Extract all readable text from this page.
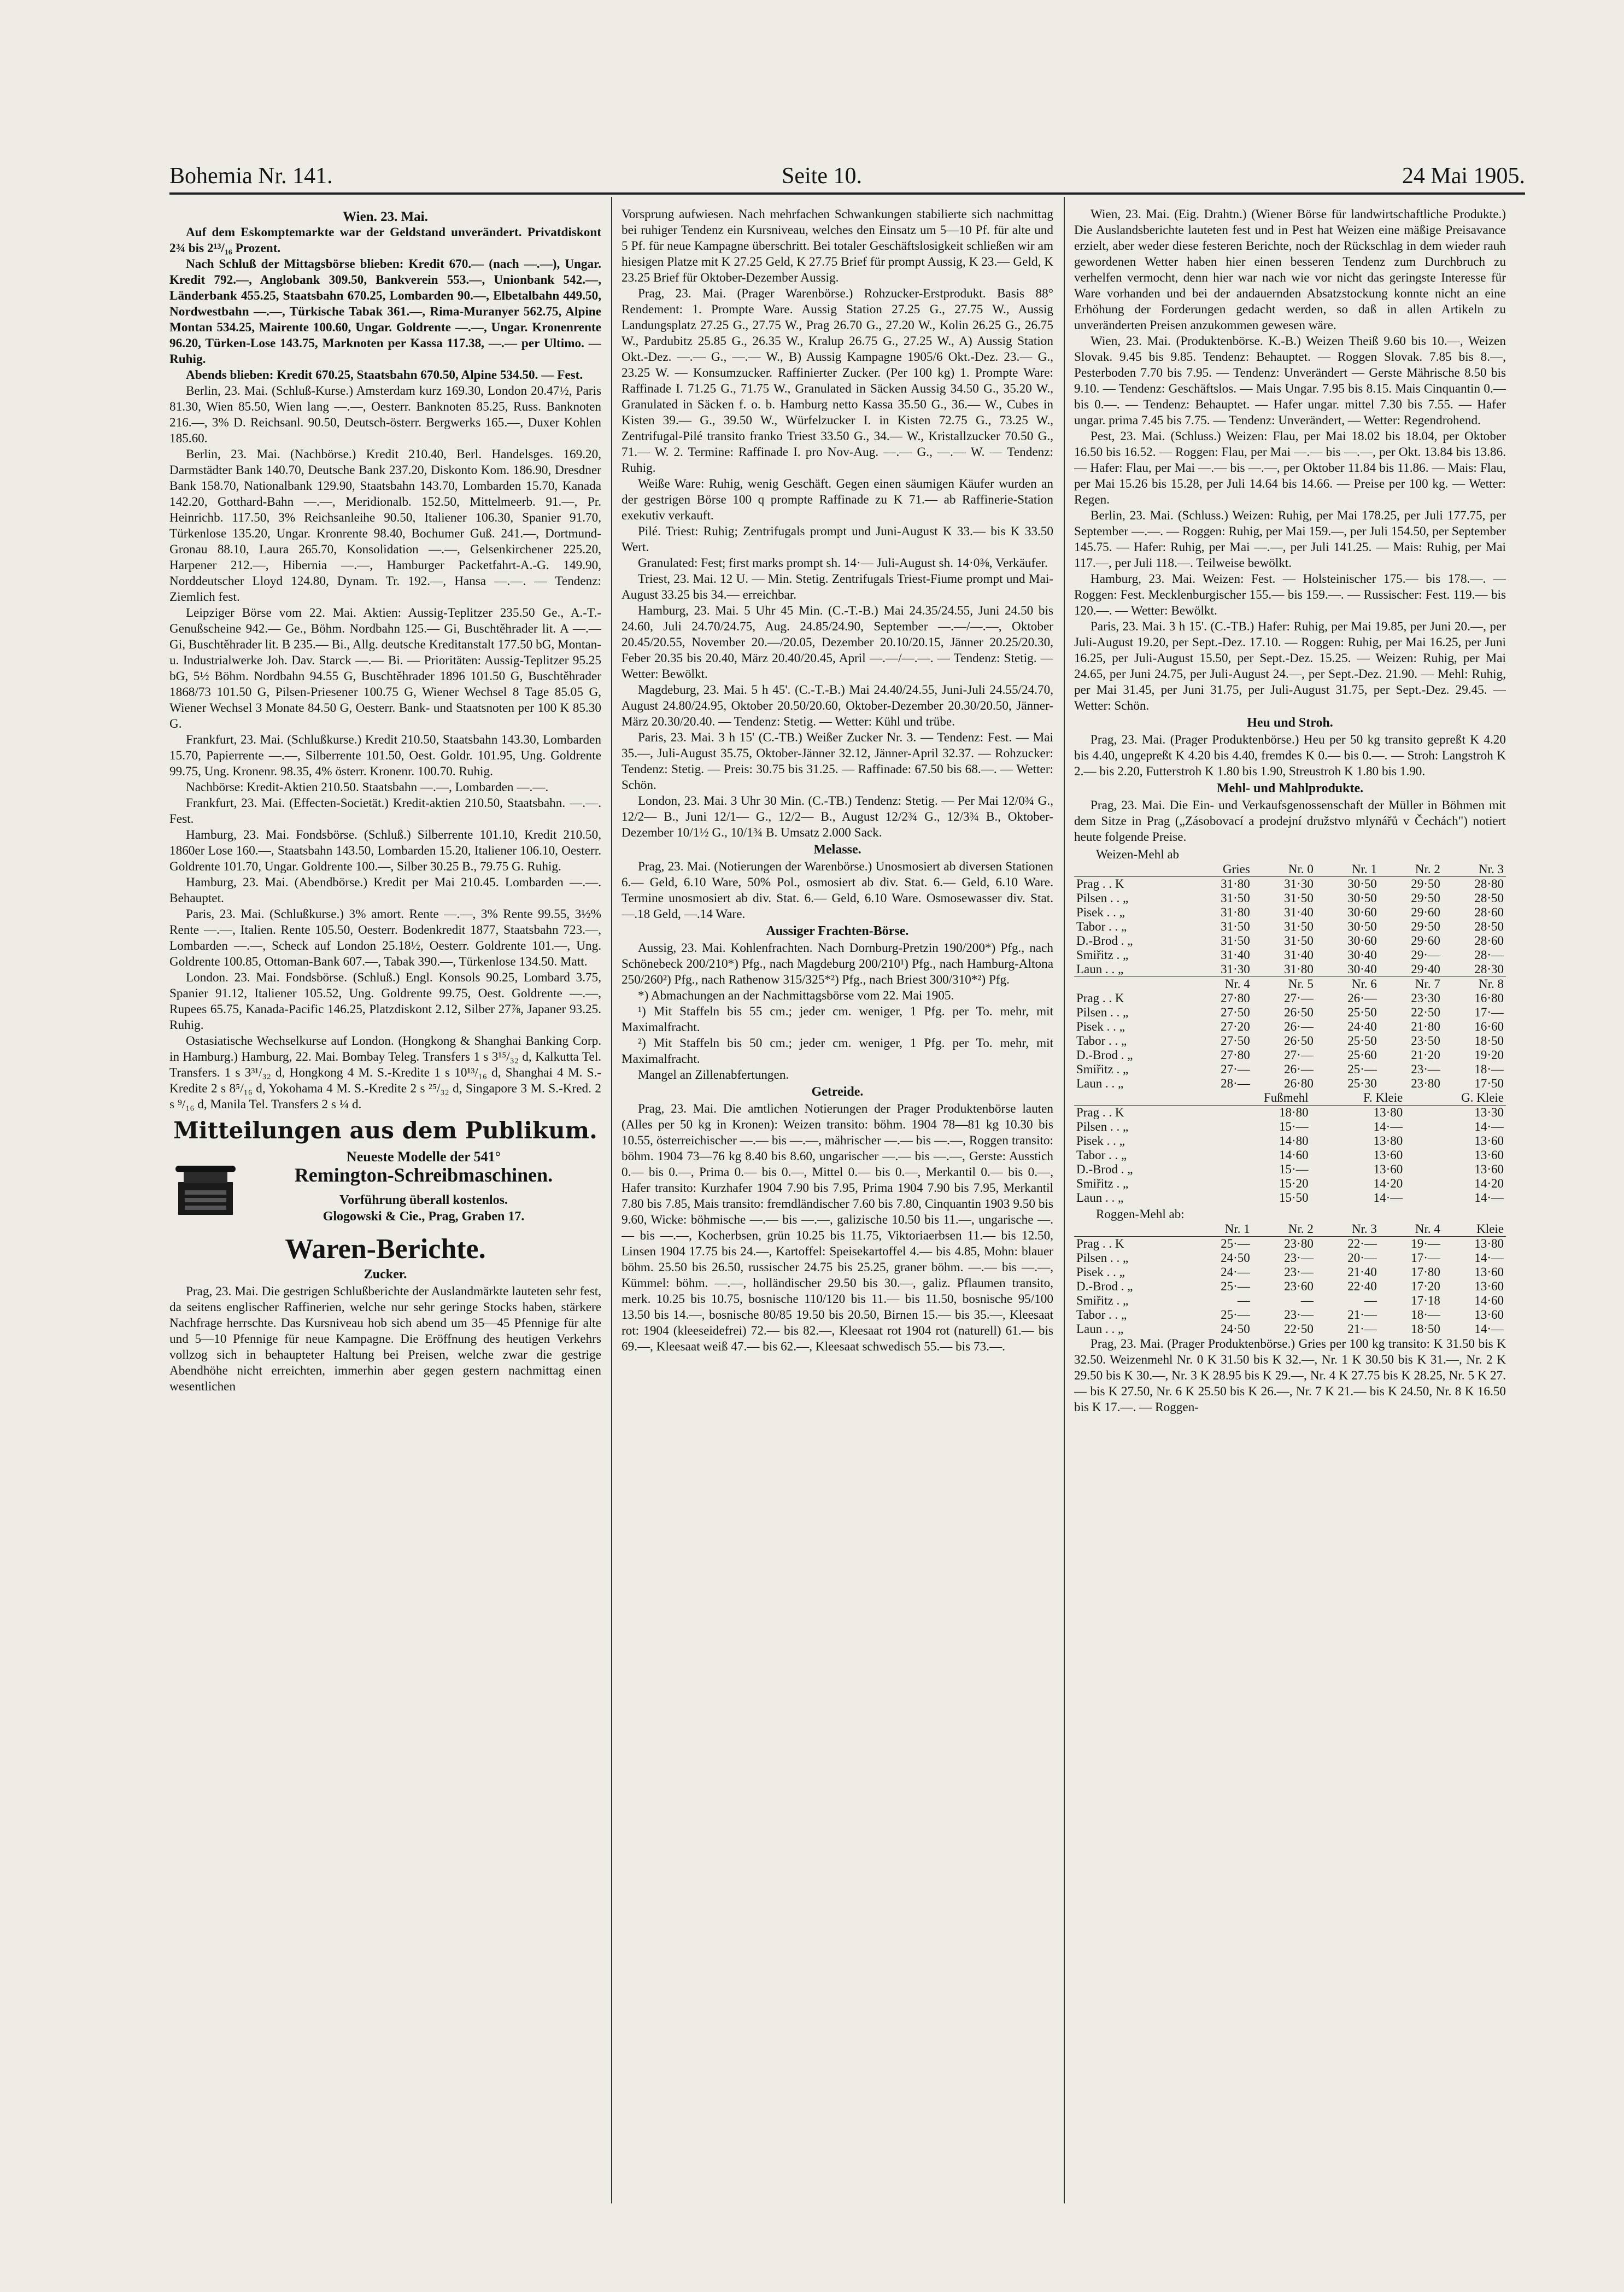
Bohemia Nr. 141.	Seite 10.	24 Mai 1905.
Wien. 23. Mai.

Auf dem Eskomptemarkte war der Geldstand unverändert. Privatdiskont 2¾ bis 2¹³/₁₆ Prozent.

Nach Schluß der Mittagsbörse blieben: Kredit 670.— (nach —.—), Ungar. Kredit 792.—, Anglobank 309.50, Bankverein 553.—, Unionbank 542.—, Länderbank 455.25, Staatsbahn 670.25, Lombarden 90.—, Elbetalbahn 449.50, Nordwestbahn —.—, Türkische Tabak 361.—, Rima-Muranyer 562.75, Alpine Montan 534.25, Mairente 100.60, Ungar. Goldrente —.—, Ungar. Kronenrente 96.20, Türken-Lose 143.75, Marknoten per Kassa 117.38, —.— per Ultimo. — Ruhig.

Abends blieben: Kredit 670.25, Staatsbahn 670.50, Alpine 534.50. — Fest.

Berlin, 23. Mai. (Schluß-Kurse.) Amsterdam kurz 169.30, London 20.47½, Paris 81.30, Wien 85.50, Wien lang —.—, Oesterr. Banknoten 85.25, Russ. Banknoten 216.—, 3% D. Reichsanl. 90.50, Deutsch-österr. Bergwerks 165.—, Duxer Kohlen 185.60.

Berlin, 23. Mai. (Nachbörse.) Kredit 210.40, Berl. Handelsges. 169.20, Darmstädter Bank 140.70, Deutsche Bank 237.20, Diskonto Kom. 186.90, Dresdner Bank 158.70, Nationalbank 129.90, Staatsbahn 143.70, Lombarden 15.70, Kanada 142.20, Gotthard-Bahn —.—, Meridionalb. 152.50, Mittelmeerb. 91.—, Pr. Heinrichb. 117.50, 3% Reichsanleihe 90.50, Italiener 106.30, Spanier 91.70, Türkenlose 135.20, Ungar. Kronrente 98.40, Bochumer Guß. 241.—, Dortmund-Gronau 88.10, Laura 265.70, Konsolidation —.—, Gelsenkirchener 225.20, Harpener 212.—, Hibernia —.—, Hamburger Packetfahrt-A.-G. 149.90, Norddeutscher Lloyd 124.80, Dynam. Tr. 192.—, Hansa —.—. — Tendenz: Ziemlich fest.

Leipziger Börse vom 22. Mai. Aktien: Aussig-Teplitzer 235.50 Ge., A.-T.-Genußscheine 942.— Ge., Böhm. Nordbahn 125.— Gi, Buschtěhrader lit. A —.— Gi, Buschtěhrader lit. B 235.— Bi., Allg. deutsche Kreditanstalt 177.50 bG, Montan- u. Industrialwerke Joh. Dav. Starck —.— Bi. — Prioritäten: Aussig-Teplitzer 95.25 bG, 5½ Böhm. Nordbahn 94.55 G, Buschtěhrader 1896 101.50 G, Buschtěhrader 1868/73 101.50 G, Pilsen-Priesener 100.75 G, Wiener Wechsel 8 Tage 85.05 G, Wiener Wechsel 3 Monate 84.50 G, Oesterr. Bank- und Staatsnoten per 100 K 85.30 G.

Frankfurt, 23. Mai. (Schlußkurse.) Kredit 210.50, Staatsbahn 143.30, Lombarden 15.70, Papierrente —.—, Silberrente 101.50, Oest. Goldr. 101.95, Ung. Goldrente 99.75, Ung. Kronenr. 98.35, 4% österr. Kronenr. 100.70. Ruhig.

Nachbörse: Kredit-Aktien 210.50. Staatsbahn —.—, Lombarden —.—.

Frankfurt, 23. Mai. (Effecten-Societät.) Kredit-aktien 210.50, Staatsbahn. —.—. Fest.

Hamburg, 23. Mai. Fondsbörse. (Schluß.) Silberrente 101.10, Kredit 210.50, 1860er Lose 160.—, Staatsbahn 143.50, Lombarden 15.20, Italiener 106.10, Oesterr. Goldrente 101.70, Ungar. Goldrente 100.—, Silber 30.25 B., 79.75 G. Ruhig.

Hamburg, 23. Mai. (Abendbörse.) Kredit per Mai 210.45. Lombarden —.—. Behauptet.

Paris, 23. Mai. (Schlußkurse.) 3% amort. Rente —.—, 3% Rente 99.55, 3½% Rente —.—, Italien. Rente 105.50, Oesterr. Bodenkredit 1877, Staatsbahn 723.—, Lombarden —.—, Scheck auf London 25.18½, Oesterr. Goldrente 101.—, Ung. Goldrente 100.85, Ottoman-Bank 607.—, Tabak 390.—, Türkenlose 134.50. Matt.

London. 23. Mai. Fondsbörse. (Schluß.) Engl. Konsols 90.25, Lombard 3.75, Spanier 91.12, Italiener 105.52, Ung. Goldrente 99.75, Oest. Goldrente —.—, Rupees 65.75, Kanada-Pacific 146.25, Platzdiskont 2.12, Silber 27⅞, Japaner 93.25. Ruhig.

Ostasiatische Wechselkurse auf London. (Hongkong & Shanghai Banking Corp. in Hamburg.) Hamburg, 22. Mai. Bombay Teleg. Transfers 1 s 3¹⁵/₃₂ d, Kalkutta Tel. Transfers. 1 s 3³¹/₃₂ d, Hongkong 4 M. S.-Kredite 1 s 10¹³/₁₆ d, Shanghai 4 M. S.-Kredite 2 s 8⁵/₁₆ d, Yokohama 4 M. S.-Kredite 2 s ²⁵/₃₂ d, Singapore 3 M. S.-Kred. 2 s ⁹/₁₆ d, Manila Tel. Transfers 2 s ¼ d.

Mitteilungen aus dem Publikum.
Neueste Modelle der 541°
Remington-Schreibmaschinen.
Vorführung überall kostenlos.
Glogowski & Cie., Prag, Graben 17.
Waren-Berichte.
Zucker.

Prag, 23. Mai. Die gestrigen Schlußberichte der Auslandmärkte lauteten sehr fest, da seitens englischer Raffinerien, welche nur sehr geringe Stocks haben, stärkere Nachfrage herrschte. Das Kursniveau hob sich abend um 35—45 Pfennige für alte und 5—10 Pfennige für neue Kampagne. Die Eröffnung des heutigen Verkehrs vollzog sich in behaupteter Haltung bei Preisen, welche zwar die gestrige Abendhöhe nicht erreichten, immerhin aber gegen gestern nachmittag einen wesentlichen

Vorsprung aufwiesen. Nach mehrfachen Schwankungen stabilierte sich nachmittag bei ruhiger Tendenz ein Kursniveau, welches den Einsatz um 5—10 Pf. für alte und 5 Pf. für neue Kampagne überschritt. Bei totaler Geschäftslosigkeit schließen wir am hiesigen Platze mit K 27.25 Geld, K 27.75 Brief für prompt Aussig, K 23.— Geld, K 23.25 Brief für Oktober-Dezember Aussig.

Prag, 23. Mai. (Prager Warenbörse.) Rohzucker-Erstprodukt. Basis 88° Rendement: 1. Prompte Ware. Aussig Station 27.25 G., 27.75 W., Aussig Landungsplatz 27.25 G., 27.75 W., Prag 26.70 G., 27.20 W., Kolin 26.25 G., 26.75 W., Pardubitz 25.85 G., 26.35 W., Kralup 26.75 G., 27.25 W., A) Aussig Station Okt.-Dez. —.— G., —.— W., B) Aussig Kampagne 1905/6 Okt.-Dez. 23.— G., 23.25 W. — Konsumzucker. Raffinierter Zucker. (Per 100 kg) 1. Prompte Ware: Raffinade I. 71.25 G., 71.75 W., Granulated in Säcken Aussig 34.50 G., 35.20 W., Granulated in Säcken f. o. b. Hamburg netto Kassa 35.50 G., 36.— W., Cubes in Kisten 39.— G., 39.50 W., Würfelzucker I. in Kisten 72.75 G., 73.25 W., Zentrifugal-Pilé transito franko Triest 33.50 G., 34.— W., Kristallzucker 70.50 G., 71.— W. 2. Termine: Raffinade I. pro Nov-Aug. —.— G., —.— W. — Tendenz: Ruhig.

Weiße Ware: Ruhig, wenig Geschäft. Gegen einen säumigen Käufer wurden an der gestrigen Börse 100 q prompte Raffinade zu K 71.— ab Raffinerie-Station exekutiv verkauft.

Pilé. Triest: Ruhig; Zentrifugals prompt und Juni-August K 33.— bis K 33.50 Wert.

Granulated: Fest; first marks prompt sh. 14·— Juli-August sh. 14·0⅜, Verkäufer.

Triest, 23. Mai. 12 U. — Min. Stetig. Zentrifugals Triest-Fiume prompt und Mai-August 33.25 bis 34.— erreichbar.

Hamburg, 23. Mai. 5 Uhr 45 Min. (C.-T.-B.) Mai 24.35/24.55, Juni 24.50 bis 24.60, Juli 24.70/24.75, Aug. 24.85/24.90, September —.—/—.—, Oktober 20.45/20.55, November 20.—/20.05, Dezember 20.10/20.15, Jänner 20.25/20.30, Feber 20.35 bis 20.40, März 20.40/20.45, April —.—/—.—. — Tendenz: Stetig. — Wetter: Bewölkt.

Magdeburg, 23. Mai. 5 h 45'. (C.-T.-B.) Mai 24.40/24.55, Juni-Juli 24.55/24.70, August 24.80/24.95, Oktober 20.50/20.60, Oktober-Dezember 20.30/20.50, Jänner-März 20.30/20.40. — Tendenz: Stetig. — Wetter: Kühl und trübe.

Paris, 23. Mai. 3 h 15' (C.-TB.) Weißer Zucker Nr. 3. — Tendenz: Fest. — Mai 35.—, Juli-August 35.75, Oktober-Jänner 32.12, Jänner-April 32.37. — Rohzucker: Tendenz: Stetig. — Preis: 30.75 bis 31.25. — Raffinade: 67.50 bis 68.—. — Wetter: Schön.

London, 23. Mai. 3 Uhr 30 Min. (C.-TB.) Tendenz: Stetig. — Per Mai 12/0¾ G., 12/2— B., Juni 12/1— G., 12/2— B., August 12/2¾ G., 12/3¾ B., Oktober-Dezember 10/1½ G., 10/1¾ B. Umsatz 2.000 Sack.

Melasse.

Prag, 23. Mai. (Notierungen der Warenbörse.) Unosmosiert ab diversen Stationen 6.— Geld, 6.10 Ware, 50% Pol., osmosiert ab div. Stat. 6.— Geld, 6.10 Ware. Termine unosmosiert ab div. Stat. 6.— Geld, 6.10 Ware. Osmosewasser div. Stat. —.18 Geld, —.14 Ware.

Aussiger Frachten-Börse.

Aussig, 23. Mai. Kohlenfrachten. Nach Dornburg-Pretzin 190/200*) Pfg., nach Schönebeck 200/210*) Pfg., nach Magdeburg 200/210¹) Pfg., nach Hamburg-Altona 250/260²) Pfg., nach Rathenow 315/325*²) Pfg., nach Briest 300/310*²) Pfg.

*) Abmachungen an der Nachmittagsbörse vom 22. Mai 1905.

¹) Mit Staffeln bis 55 cm.; jeder cm. weniger, 1 Pfg. per To. mehr, mit Maximalfracht.

²) Mit Staffeln bis 50 cm.; jeder cm. weniger, 1 Pfg. per To. mehr, mit Maximalfracht.

Mangel an Zillenabfertungen.

Getreide.

Prag, 23. Mai. Die amtlichen Notierungen der Prager Produktenbörse lauten (Alles per 50 kg in Kronen): Weizen transito: böhm. 1904 78—81 kg 10.30 bis 10.55, österreichischer —.— bis —.—, mährischer —.— bis —.—, Roggen transito: böhm. 1904 73—76 kg 8.40 bis 8.60, ungarischer —.— bis —.—, Gerste: Ausstich 0.— bis 0.—, Prima 0.— bis 0.—, Mittel 0.— bis 0.—, Merkantil 0.— bis 0.—, Hafer transito: Kurzhafer 1904 7.90 bis 7.95, Prima 1904 7.90 bis 7.95, Merkantil 7.80 bis 7.85, Mais transito: fremdländischer 7.60 bis 7.80, Cinquantin 1903 9.50 bis 9.60, Wicke: böhmische —.— bis —.—, galizische 10.50 bis 11.—, ungarische —.— bis —.—, Kocherbsen, grün 10.25 bis 11.75, Viktoriaerbsen 11.— bis 12.50, Linsen 1904 17.75 bis 24.—, Kartoffel: Speisekartoffel 4.— bis 4.85, Mohn: blauer böhm. 25.50 bis 26.50, russischer 24.75 bis 25.25, graner böhm. —.— bis —.—, Kümmel: böhm. —.—, holländischer 29.50 bis 30.—, galiz. Pflaumen transito, merk. 10.25 bis 10.75, bosnische 110/120 bis 11.— bis 11.50, bosnische 95/100 13.50 bis 14.—, bosnische 80/85 19.50 bis 20.50, Birnen 15.— bis 35.—, Kleesaat rot: 1904 (kleeseidefrei) 72.— bis 82.—, Kleesaat rot 1904 rot (naturell) 61.— bis 69.—, Kleesaat weiß 47.— bis 62.—, Kleesaat schwedisch 55.— bis 73.—.

Wien, 23. Mai. (Eig. Drahtn.) (Wiener Börse für landwirtschaftliche Produkte.) Die Auslandsberichte lauteten fest und in Pest hat Weizen eine mäßige Preisavance erzielt, aber weder diese festeren Berichte, noch der Rückschlag in dem wieder rauh gewordenen Wetter haben hier einen besseren Tendenz zum Durchbruch zu verhelfen vermocht, denn hier war nach wie vor nicht das geringste Interesse für Ware vorhanden und bei der andauernden Absatzstockung konnte nicht an eine Erhöhung der Forderungen gedacht werden, so daß in allen Artikeln zu unveränderten Preisen anzukommen gewesen wäre.

Wien, 23. Mai. (Produktenbörse. K.-B.) Weizen Theiß 9.60 bis 10.—, Weizen Slovak. 9.45 bis 9.85. Tendenz: Behauptet. — Roggen Slovak. 7.85 bis 8.—, Pesterboden 7.70 bis 7.95. — Tendenz: Unverändert — Gerste Mährische 8.50 bis 9.10. — Tendenz: Geschäftslos. — Mais Ungar. 7.95 bis 8.15. Mais Cinquantin 0.— bis 0.—. — Tendenz: Behauptet. — Hafer ungar. mittel 7.30 bis 7.55. — Hafer ungar. prima 7.45 bis 7.75. — Tendenz: Unverändert, — Wetter: Regendrohend.

Pest, 23. Mai. (Schluss.) Weizen: Flau, per Mai 18.02 bis 18.04, per Oktober 16.50 bis 16.52. — Roggen: Flau, per Mai —.— bis —.—, per Okt. 13.84 bis 13.86. — Hafer: Flau, per Mai —.— bis —.—, per Oktober 11.84 bis 11.86. — Mais: Flau, per Mai 15.26 bis 15.28, per Juli 14.64 bis 14.66. — Preise per 100 kg. — Wetter: Regen.

Berlin, 23. Mai. (Schluss.) Weizen: Ruhig, per Mai 178.25, per Juli 177.75, per September —.—. — Roggen: Ruhig, per Mai 159.—, per Juli 154.50, per September 145.75. — Hafer: Ruhig, per Mai —.—, per Juli 141.25. — Mais: Ruhig, per Mai 117.—, per Juli 118.—. Teilweise bewölkt.

Hamburg, 23. Mai. Weizen: Fest. — Holsteinischer 175.— bis 178.—. — Roggen: Fest. Mecklenburgischer 155.— bis 159.—. — Russischer: Fest. 119.— bis 120.—. — Wetter: Bewölkt.

Paris, 23. Mai. 3 h 15'. (C.-TB.) Hafer: Ruhig, per Mai 19.85, per Juni 20.—, per Juli-August 19.20, per Sept.-Dez. 17.10. — Roggen: Ruhig, per Mai 16.25, per Juni 16.25, per Juli-August 15.50, per Sept.-Dez. 15.25. — Weizen: Ruhig, per Mai 24.65, per Juni 24.75, per Juli-August 24.—, per Sept.-Dez. 21.90. — Mehl: Ruhig, per Mai 31.45, per Juni 31.75, per Juli-August 31.75, per Sept.-Dez. 29.45. — Wetter: Schön.

Heu und Stroh.

Prag, 23. Mai. (Prager Produktenbörse.) Heu per 50 kg transito gepreßt K 4.20 bis 4.40, ungepreßt K 4.20 bis 4.40, fremdes K 0.— bis 0.—. — Stroh: Langstroh K 2.— bis 2.20, Futterstroh K 1.80 bis 1.90, Streustroh K 1.80 bis 1.90.

Mehl- und Mahlprodukte.

Prag, 23. Mai. Die Ein- und Verkaufsgenossenschaft der Müller in Böhmen mit dem Sitze in Prag („Zásobovací a prodejní družstvo mlynářů v Čechách") notiert heute folgende Preise.

Weizen-Mehl ab
	Gries	Nr. 0	Nr. 1	Nr. 2	Nr. 3
Prag . . K	31·80	31·30	30·50	29·50	28·80
Pilsen . . „	31·50	31·50	30·50	29·50	28·50
Pisek . . „	31·80	31·40	30·60	29·60	28·60
Tabor . . „	31·50	31·50	30·50	29·50	28·50
D.-Brod . „	31·50	31·50	30·60	29·60	28·60
Smiřitz . „	31·40	31·40	30·40	29·—	28·—
Laun . . „	31·30	31·80	30·40	29·40	28·30
	Nr. 4	Nr. 5	Nr. 6	Nr. 7	Nr. 8
Prag . . K	27·80	27·—	26·—	23·30	16·80
Pilsen . . „	27·50	26·50	25·50	22·50	17·—
Pisek . . „	27·20	26·—	24·40	21·80	16·60
Tabor . . „	27·50	26·50	25·50	23·50	18·50
D.-Brod . „	27·80	27·—	25·60	21·20	19·20
Smiřitz . „	27·—	26·—	25·—	23·—	18·—
Laun . . „	28·—	26·80	25·30	23·80	17·50
	Fußmehl	F. Kleie	G. Kleie
Prag . . K	18·80	13·80	13·30
Pilsen . . „	15·—	14·—	14·—
Pisek . . „	14·80	13·80	13·60
Tabor . . „	14·60	13·60	13·60
D.-Brod . „	15·—	13·60	13·60
Smiřitz . „	15·20	14·20	14·20
Laun . . „	15·50	14·—	14·—
Roggen-Mehl ab:
	Nr. 1	Nr. 2	Nr. 3	Nr. 4	Kleie
Prag . . K	25·—	23·80	22·—	19·—	13·80
Pilsen . . „	24·50	23·—	20·—	17·—	14·—
Pisek . . „	24·—	23·—	21·40	17·80	13·60
D.-Brod . „	25·—	23·60	22·40	17·20	13·60
Smiřitz . „	—	—	—	17·18	14·60
Tabor . . „	25·—	23·—	21·—	18·—	13·60
Laun . . „	24·50	22·50	21·—	18·50	14·—

Prag, 23. Mai. (Prager Produktenbörse.) Gries per 100 kg transito: K 31.50 bis K 32.50. Weizenmehl Nr. 0 K 31.50 bis K 32.—, Nr. 1 K 30.50 bis K 31.—, Nr. 2 K 29.50 bis K 30.—, Nr. 3 K 28.95 bis K 29.—, Nr. 4 K 27.75 bis K 28.25, Nr. 5 K 27.— bis K 27.50, Nr. 6 K 25.50 bis K 26.—, Nr. 7 K 21.— bis K 24.50, Nr. 8 K 16.50 bis K 17.—. — Roggen-
